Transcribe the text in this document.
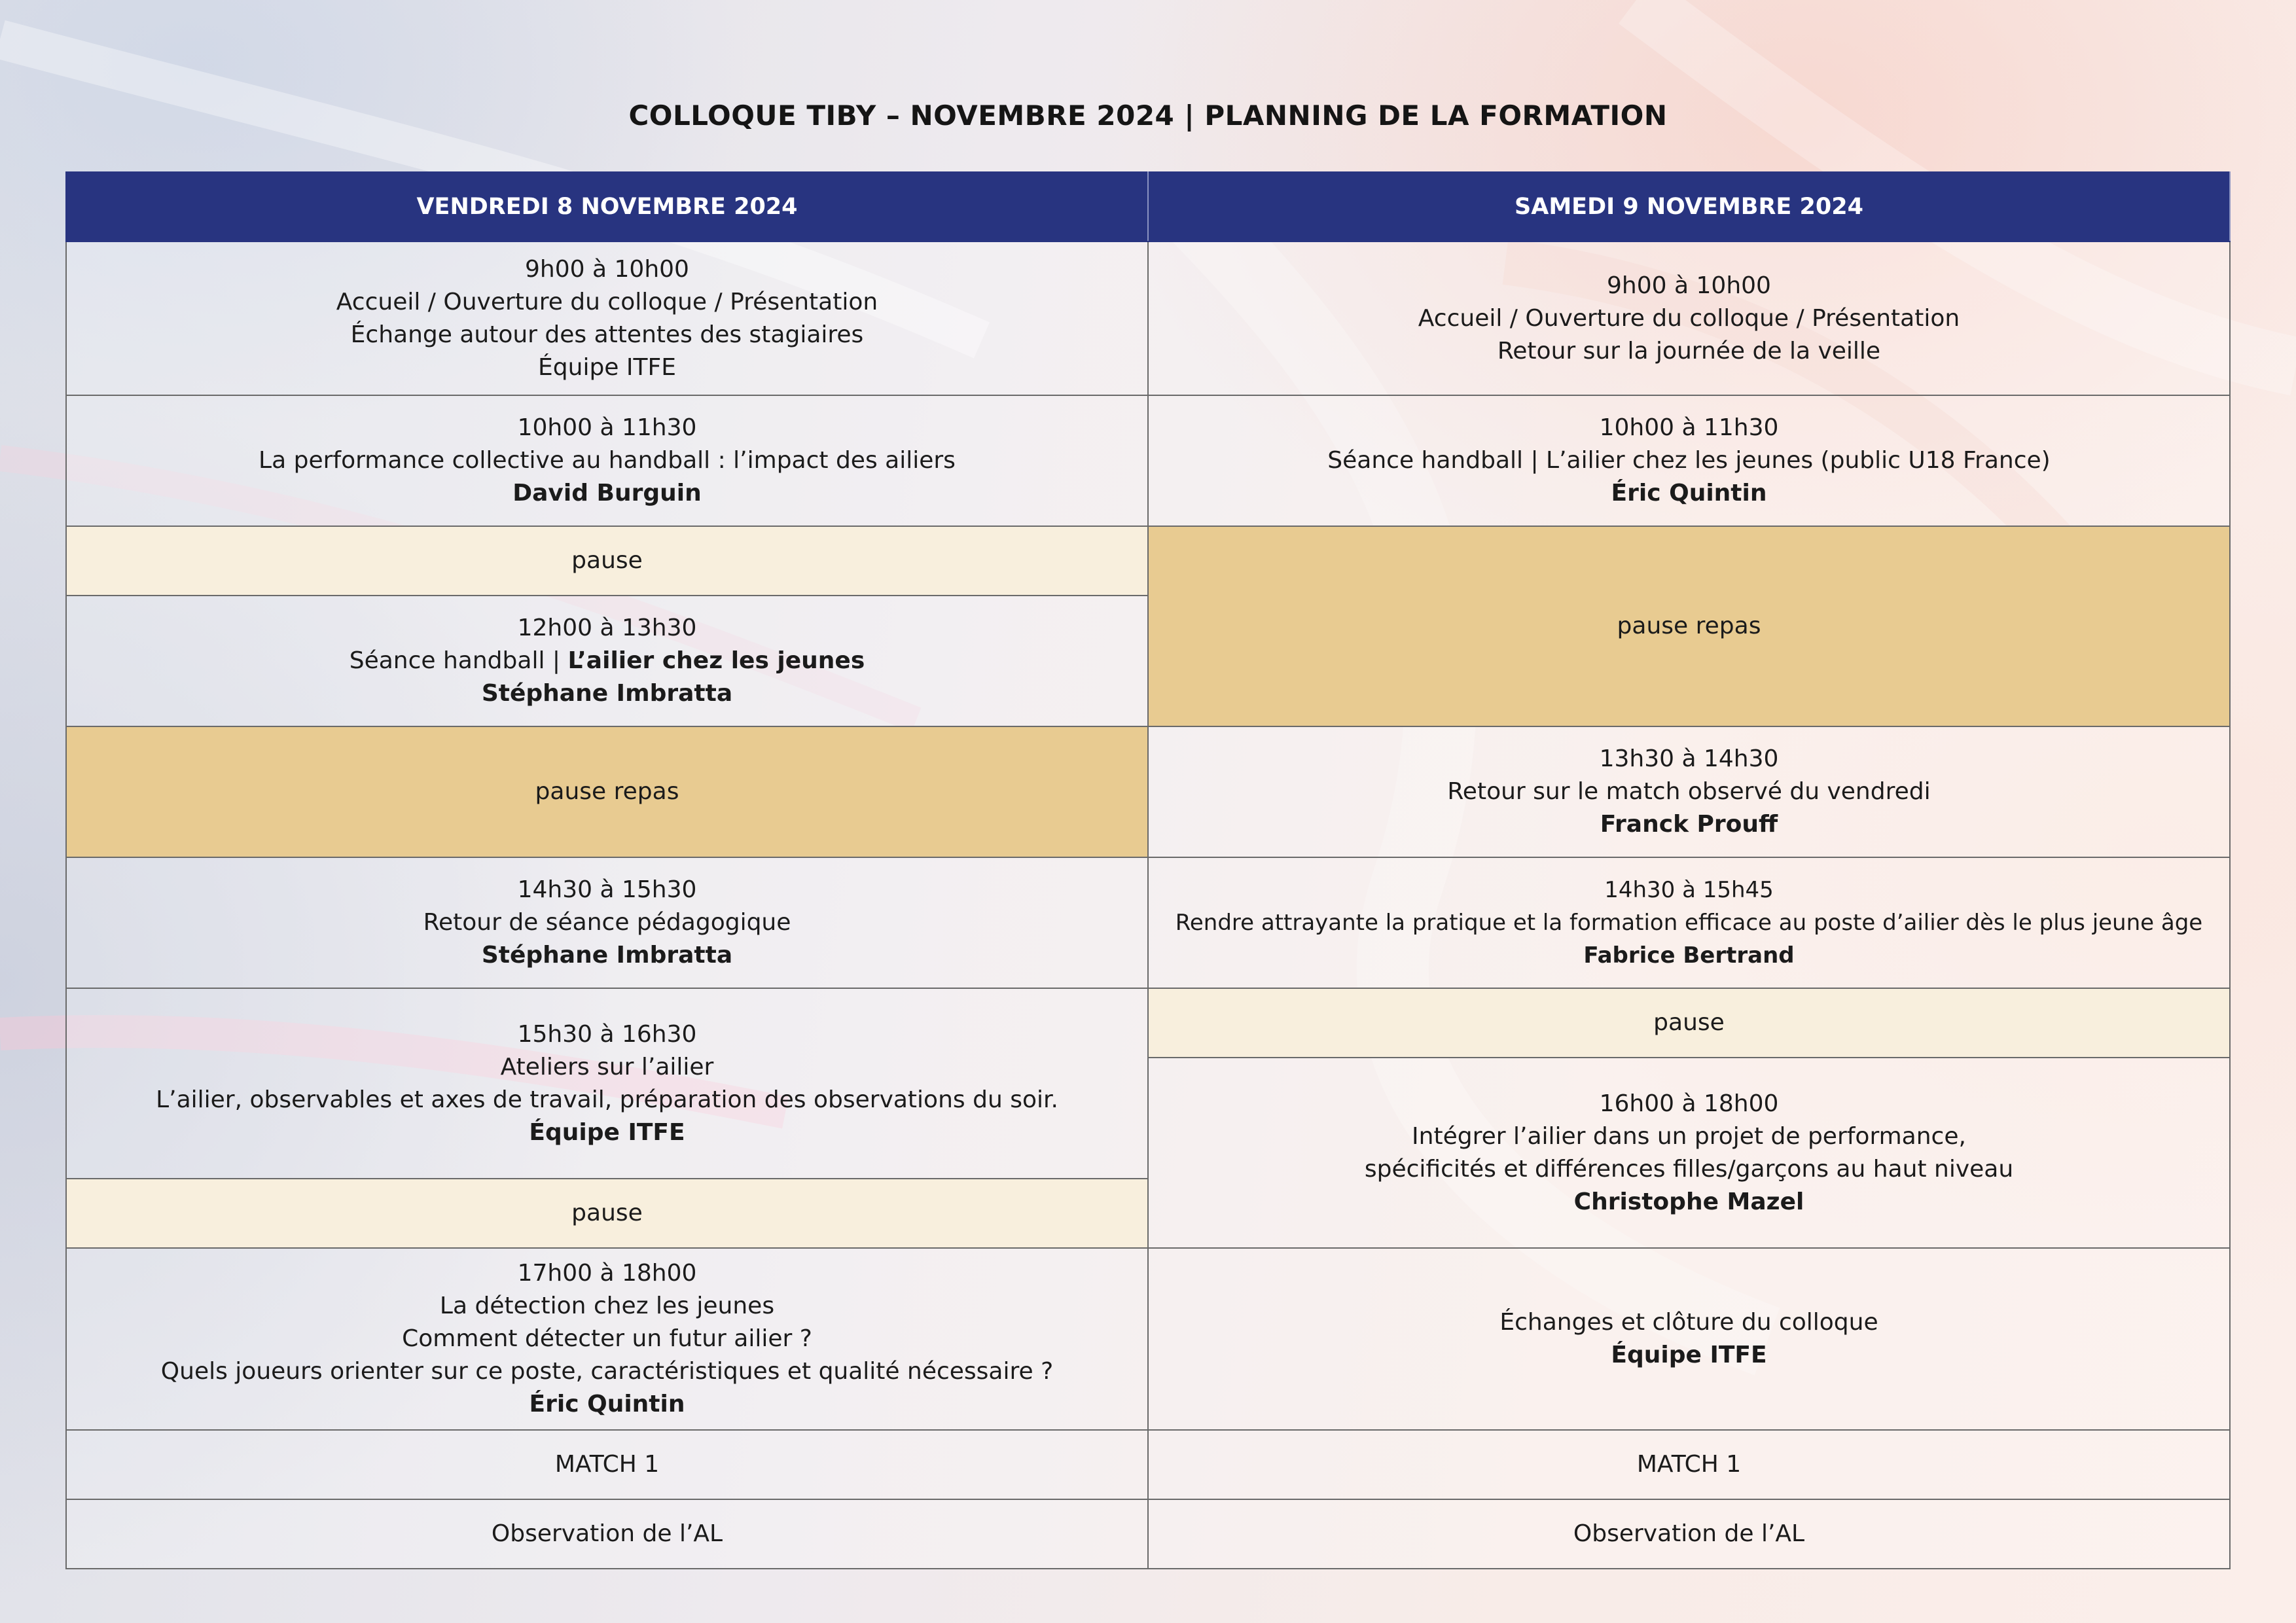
COLLOQUE TIBY – NOVEMBRE 2024 | PLANNING DE LA FORMATION
VENDREDI 8 NOVEMBRE 2024	SAMEDI 9 NOVEMBRE 2024

9h00 à 10h00
Accueil / Ouverture du colloque / Présentation
Échange autour des attentes des stagiaires
Équipe ITFE	9h00 à 10h00
Accueil / Ouverture du colloque / Présentation
Retour sur la journée de la veille

10h00 à 11h30
La performance collective au handball : l’impact des ailiers
David Burguin	10h00 à 11h30
Séance handball | L’ailier chez les jeunes (public U18 France)
Éric Quintin

pause	pause repas

12h00 à 13h30
Séance handball | L’ailier chez les jeunes
Stéphane Imbratta	

pause repas	13h30 à 14h30
Retour sur le match observé du vendredi
Franck Prouff

14h30 à 15h30
Retour de séance pédagogique
Stéphane Imbratta	14h30 à 15h45
Rendre attrayante la pratique et la formation efficace au poste d’ailier dès le plus jeune âge
Fabrice Bertrand

15h30 à 16h30
Ateliers sur l’ailier
L’ailier, observables et axes de travail, préparation des observations du soir.
Équipe ITFE	pause

	16h00 à 18h00
Intégrer l’ailier dans un projet de performance,
spécificités et différences filles/garçons au haut niveau
Christophe Mazel

pause	

17h00 à 18h00
La détection chez les jeunes
Comment détecter un futur ailier ?
Quels joueurs orienter sur ce poste, caractéristiques et qualité nécessaire ?
Éric Quintin	Échanges et clôture du colloque
Équipe ITFE

MATCH 1	MATCH 1
Observation de l’AL	Observation de l’AL
